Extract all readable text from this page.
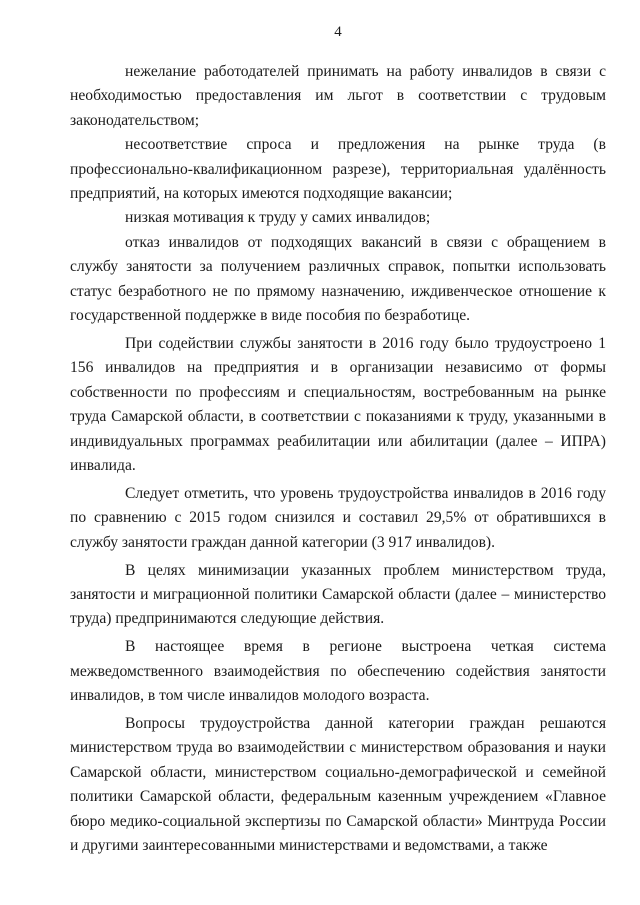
4

нежелание работодателей принимать на работу инвалидов в связи с необходимостью предоставления им льгот в соответствии с трудовым законодательством;

несоответствие спроса и предложения на рынке труда (в профессионально-квалификационном разрезе), территориальная удалённость предприятий, на которых имеются подходящие вакансии;

низкая мотивация к труду у самих инвалидов;

отказ инвалидов от подходящих вакансий в связи с обращением в службу занятости за получением различных справок, попытки использовать статус безработного не по прямому назначению, иждивенческое отношение к государственной поддержке в виде пособия по безработице.

При содействии службы занятости в 2016 году было трудоустроено 1 156 инвалидов на предприятия и в организации независимо от формы собственности по профессиям и специальностям, востребованным на рынке труда Самарской области, в соответствии с показаниями к труду, указанными в индивидуальных программах реабилитации или абилитации (далее – ИПРА) инвалида.

Следует отметить, что уровень трудоустройства инвалидов в 2016 году по сравнению с 2015 годом снизился и составил 29,5% от обратившихся в службу занятости граждан данной категории (3 917 инвалидов).

В целях минимизации указанных проблем министерством труда, занятости и миграционной политики Самарской области (далее – министерство труда) предпринимаются следующие действия.

В настоящее время в регионе выстроена четкая система межведомственного взаимодействия по обеспечению содействия занятости инвалидов, в том числе инвалидов молодого возраста.

Вопросы трудоустройства данной категории граждан решаются министерством труда во взаимодействии с министерством образования и науки Самарской области, министерством социально-демографической и семейной политики Самарской области, федеральным казенным учреждением «Главное бюро медико-социальной экспертизы по Самарской области» Минтруда России и другими заинтересованными министерствами и ведомствами, а также
